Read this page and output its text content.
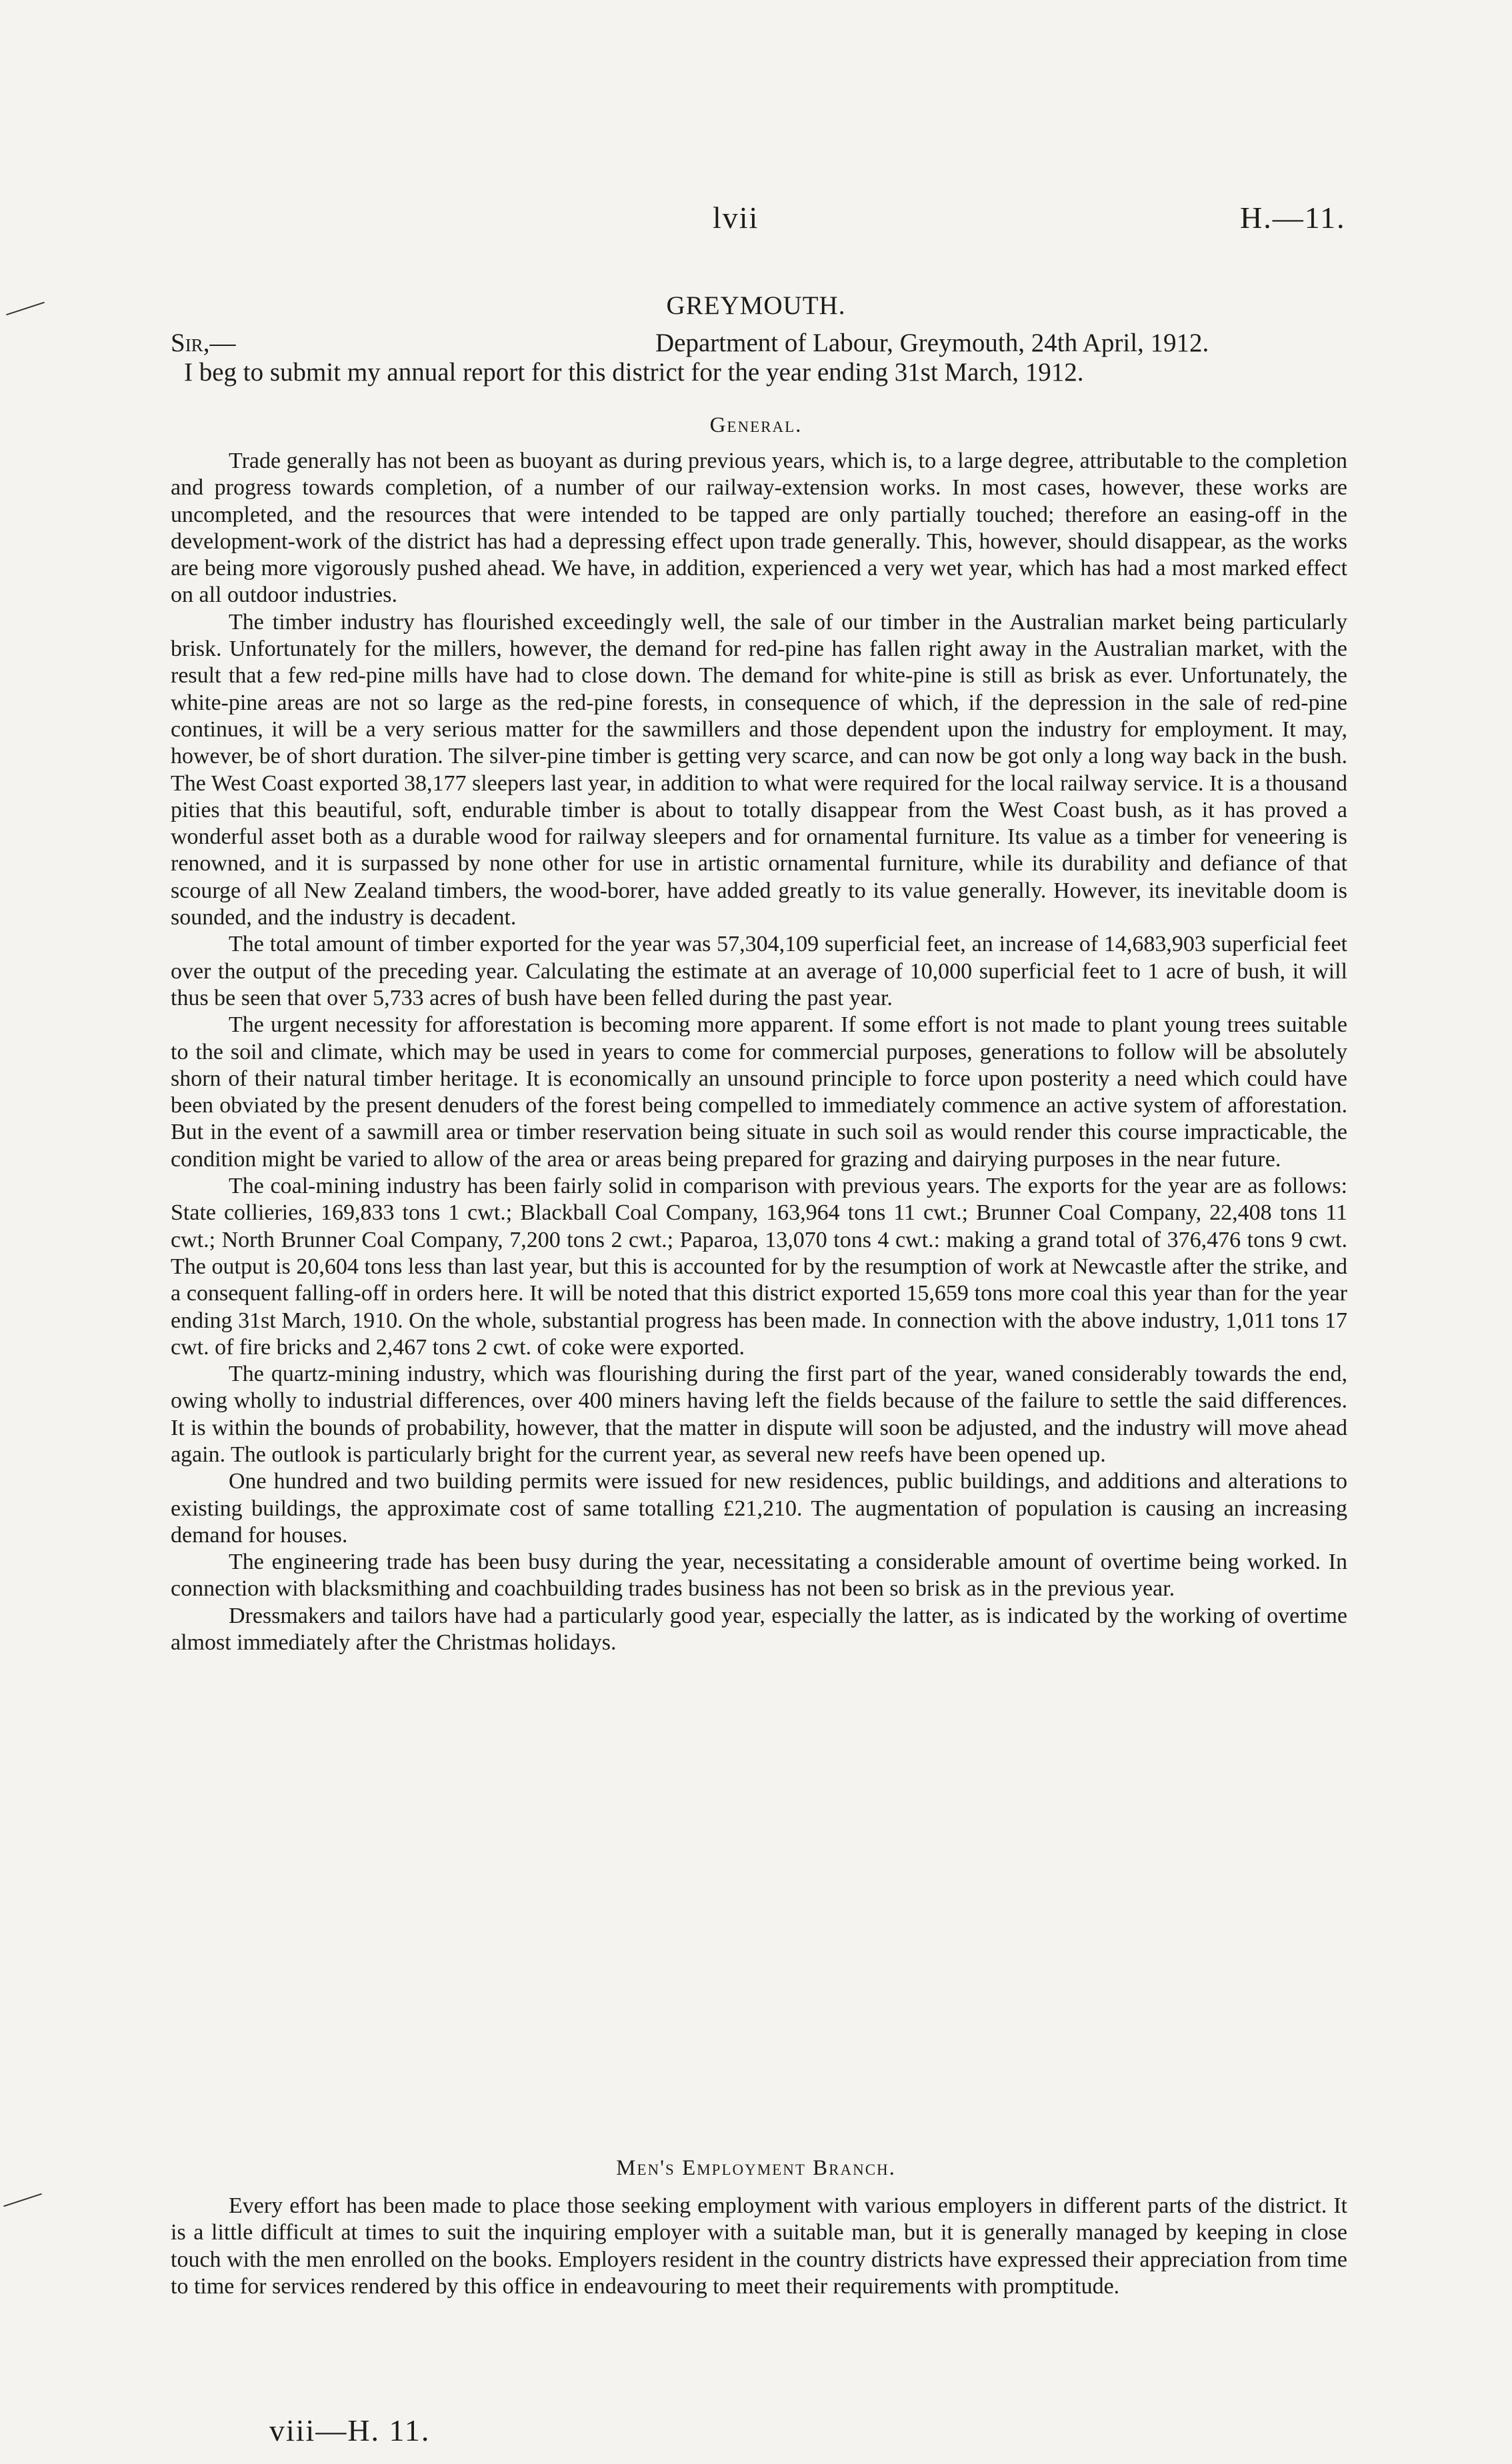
lvii	H.—11.
GREYMOUTH.
Sir,—	Department of Labour, Greymouth, 24th April, 1912.
I beg to submit my annual report for this district for the year ending 31st March, 1912.
General.

Trade generally has not been as buoyant as during previous years, which is, to a large degree, attributable to the completion and progress towards completion, of a number of our railway-extension works. In most cases, however, these works are uncompleted, and the resources that were intended to be tapped are only partially touched; therefore an easing-off in the development-work of the district has had a depressing effect upon trade generally. This, however, should disappear, as the works are being more vigorously pushed ahead. We have, in addition, experienced a very wet year, which has had a most marked effect on all outdoor industries.

The timber industry has flourished exceedingly well, the sale of our timber in the Australian market being particularly brisk. Unfortunately for the millers, however, the demand for red-pine has fallen right away in the Australian market, with the result that a few red-pine mills have had to close down. The demand for white-pine is still as brisk as ever. Unfortunately, the white-pine areas are not so large as the red-pine forests, in consequence of which, if the depression in the sale of red-pine continues, it will be a very serious matter for the sawmillers and those dependent upon the industry for employment. It may, however, be of short duration. The silver-pine timber is getting very scarce, and can now be got only a long way back in the bush. The West Coast exported 38,177 sleepers last year, in addition to what were required for the local railway service. It is a thousand pities that this beautiful, soft, endurable timber is about to totally disappear from the West Coast bush, as it has proved a wonderful asset both as a durable wood for railway sleepers and for ornamental furniture. Its value as a timber for veneering is renowned, and it is surpassed by none other for use in artistic ornamental furniture, while its durability and defiance of that scourge of all New Zealand timbers, the wood-borer, have added greatly to its value generally. However, its inevitable doom is sounded, and the industry is decadent.

The total amount of timber exported for the year was 57,304,109 superficial feet, an increase of 14,683,903 superficial feet over the output of the preceding year. Calculating the estimate at an average of 10,000 superficial feet to 1 acre of bush, it will thus be seen that over 5,733 acres of bush have been felled during the past year.

The urgent necessity for afforestation is becoming more apparent. If some effort is not made to plant young trees suitable to the soil and climate, which may be used in years to come for commercial purposes, generations to follow will be absolutely shorn of their natural timber heritage. It is economically an unsound principle to force upon posterity a need which could have been obviated by the present denuders of the forest being compelled to immediately commence an active system of afforestation. But in the event of a sawmill area or timber reservation being situate in such soil as would render this course impracticable, the condition might be varied to allow of the area or areas being prepared for grazing and dairying purposes in the near future.

The coal-mining industry has been fairly solid in comparison with previous years. The exports for the year are as follows: State collieries, 169,833 tons 1 cwt.; Blackball Coal Company, 163,964 tons 11 cwt.; Brunner Coal Company, 22,408 tons 11 cwt.; North Brunner Coal Company, 7,200 tons 2 cwt.; Paparoa, 13,070 tons 4 cwt.: making a grand total of 376,476 tons 9 cwt. The output is 20,604 tons less than last year, but this is accounted for by the resumption of work at Newcastle after the strike, and a consequent falling-off in orders here. It will be noted that this district exported 15,659 tons more coal this year than for the year ending 31st March, 1910. On the whole, substantial progress has been made. In connection with the above industry, 1,011 tons 17 cwt. of fire bricks and 2,467 tons 2 cwt. of coke were exported.

The quartz-mining industry, which was flourishing during the first part of the year, waned considerably towards the end, owing wholly to industrial differences, over 400 miners having left the fields because of the failure to settle the said differences. It is within the bounds of probability, however, that the matter in dispute will soon be adjusted, and the industry will move ahead again. The outlook is particularly bright for the current year, as several new reefs have been opened up.

One hundred and two building permits were issued for new residences, public buildings, and additions and alterations to existing buildings, the approximate cost of same totalling £21,210. The augmentation of population is causing an increasing demand for houses.

The engineering trade has been busy during the year, necessitating a considerable amount of overtime being worked. In connection with blacksmithing and coachbuilding trades business has not been so brisk as in the previous year.

Dressmakers and tailors have had a particularly good year, especially the latter, as is indicated by the working of overtime almost immediately after the Christmas holidays.

Men's Employment Branch.

Every effort has been made to place those seeking employment with various employers in different parts of the district. It is a little difficult at times to suit the inquiring employer with a suitable man, but it is generally managed by keeping in close touch with the men enrolled on the books. Employers resident in the country districts have expressed their appreciation from time to time for services rendered by this office in endeavouring to meet their requirements with promptitude.

viii—H. 11.
